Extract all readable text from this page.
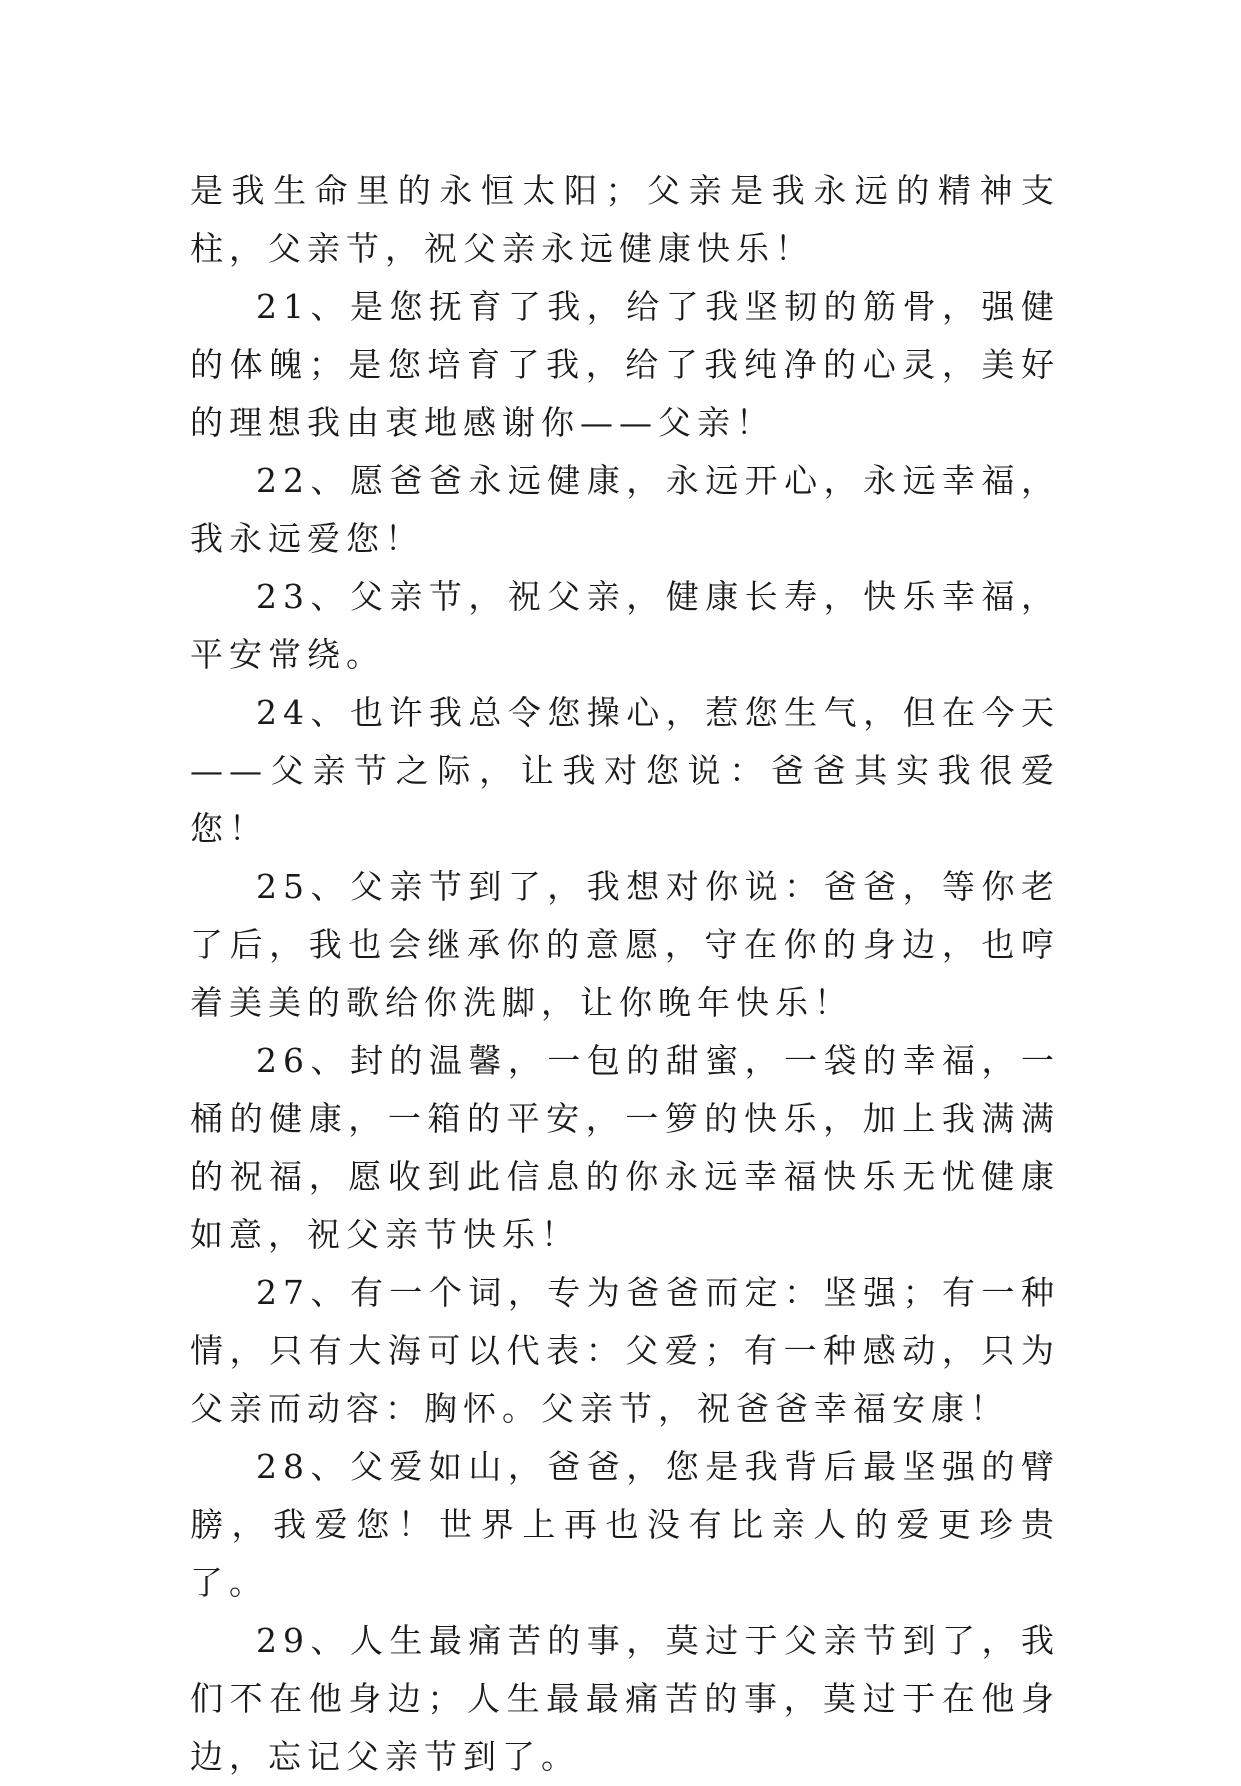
是我生命里的永恒太阳；父亲是我永远的精神支柱，父亲节，祝父亲永远健康快乐！

21、是您抚育了我，给了我坚韧的筋骨，强健的体魄；是您培育了我，给了我纯净的心灵，美好的理想我由衷地感谢你——父亲！

22、愿爸爸永远健康，永远开心，永远幸福，我永远爱您！

23、父亲节，祝父亲，健康长寿，快乐幸福，平安常绕。

24、也许我总令您操心，惹您生气，但在今天——父亲节之际，让我对您说：爸爸其实我很爱您！

25、父亲节到了，我想对你说：爸爸，等你老了后，我也会继承你的意愿，守在你的身边，也哼着美美的歌给你洗脚，让你晚年快乐！

26、封的温馨，一包的甜蜜，一袋的幸福，一桶的健康，一箱的平安，一箩的快乐，加上我满满的祝福，愿收到此信息的你永远幸福快乐无忧健康如意，祝父亲节快乐！

27、有一个词，专为爸爸而定：坚强；有一种情，只有大海可以代表：父爱；有一种感动，只为父亲而动容：胸怀。父亲节，祝爸爸幸福安康！

28、父爱如山，爸爸，您是我背后最坚强的臂膀，我爱您！世界上再也没有比亲人的爱更珍贵了。

29、人生最痛苦的事，莫过于父亲节到了，我们不在他身边；人生最最痛苦的事，莫过于在他身边，忘记父亲节到了。
